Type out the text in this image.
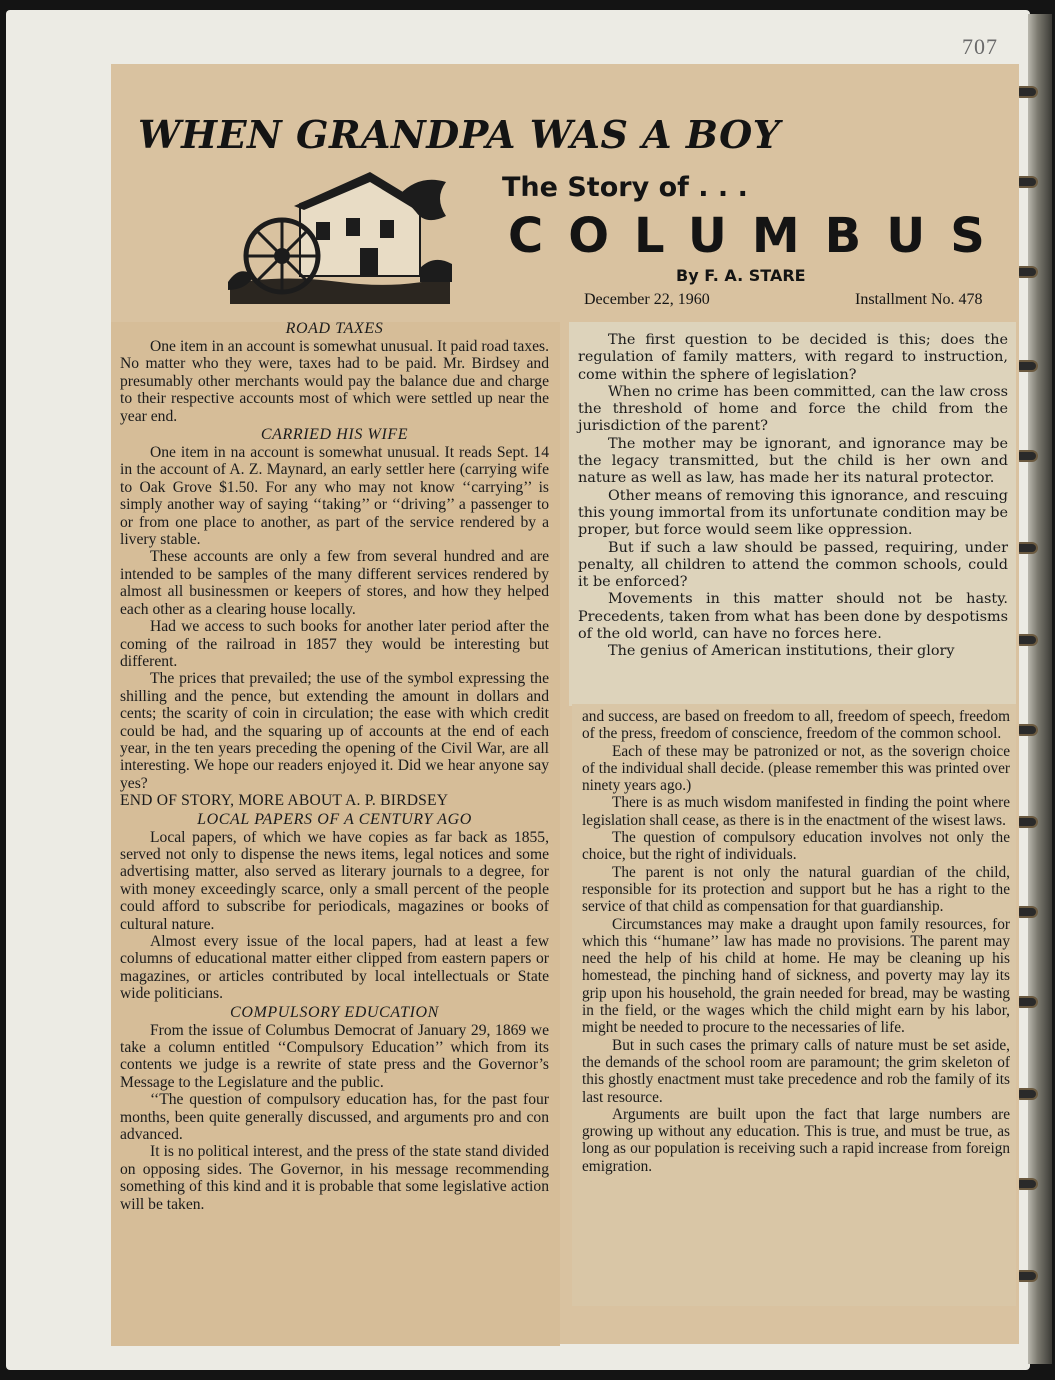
707
WHEN GRANDPA WAS A BOY
The Story of . . .
COLUMBUS
By F. A. STARE
December 22, 1960	Installment No. 478
ROAD TAXES

One item in an account is somewhat unusual. It paid road taxes. No matter who they were, taxes had to be paid. Mr. Birdsey and presumably other merchants would pay the balance due and charge to their respective accounts most of which were settled up near the year end.

CARRIED HIS WIFE

One item in na account is somewhat unusual. It reads Sept. 14 in the account of A. Z. Maynard, an early settler here (carrying wife to Oak Grove $1.50. For any who may not know ‘‘carrying’’ is simply another way of saying ‘‘taking’’ or ‘‘driving’’ a passenger to or from one place to another, as part of the service rendered by a livery stable.

These accounts are only a few from several hundred and are intended to be samples of the many different services rendered by almost all businessmen or keepers of stores, and how they helped each other as a clearing house locally.

Had we access to such books for another later period after the coming of the railroad in 1857 they would be interesting but different.

The prices that prevailed; the use of the symbol expressing the shilling and the pence, but extending the amount in dollars and cents; the scarity of coin in circulation; the ease with which credit could be had, and the squaring up of accounts at the end of each year, in the ten years preceding the opening of the Civil War, are all interesting. We hope our readers enjoyed it. Did we hear anyone say yes?

END OF STORY, MORE ABOUT A. P. BIRDSEY

LOCAL PAPERS OF A CENTURY AGO

Local papers, of which we have copies as far back as 1855, served not only to dispense the news items, legal notices and some advertising matter, also served as literary journals to a degree, for with money exceedingly scarce, only a small percent of the people could afford to subscribe for periodicals, magazines or books of cultural nature.

Almost every issue of the local papers, had at least a few columns of educational matter either clipped from eastern papers or magazines, or articles contributed by local intellectuals or State wide politicians.

COMPULSORY EDUCATION

From the issue of Columbus Democrat of January 29, 1869 we take a column entitled ‘‘Compulsory Education’’ which from its contents we judge is a rewrite of state press and the Governor’s Message to the Legislature and the public.

‘‘The question of compulsory education has, for the past four months, been quite generally discussed, and arguments pro and con advanced.

It is no political interest, and the press of the state stand divided on opposing sides. The Governor, in his message recommending something of this kind and it is probable that some legislative action will be taken.

The first question to be decided is this; does the regulation of family matters, with regard to instruction, come within the sphere of legislation?

When no crime has been committed, can the law cross the threshold of home and force the child from the jurisdiction of the parent?

The mother may be ignorant, and ignorance may be the legacy transmitted, but the child is her own and nature as well as law, has made her its natural protector.

Other means of removing this ignorance, and rescuing this young immortal from its unfortunate condition may be proper, but force would seem like oppression.

But if such a law should be passed, requiring, under penalty, all children to attend the common schools, could it be enforced?

Movements in this matter should not be hasty. Precedents, taken from what has been done by despotisms of the old world, can have no forces here.

The genius of American institutions, their glory

and success, are based on freedom to all, freedom of speech, freedom of the press, freedom of conscience, freedom of the common school.

Each of these may be patronized or not, as the soverign choice of the individual shall decide. (please remember this was printed over ninety years ago.)

There is as much wisdom manifested in finding the point where legislation shall cease, as there is in the enactment of the wisest laws.

The question of compulsory education involves not only the choice, but the right of individuals.

The parent is not only the natural guardian of the child, responsible for its protection and support but he has a right to the service of that child as compensation for that guardianship.

Circumstances may make a draught upon family resources, for which this ‘‘humane’’ law has made no provisions. The parent may need the help of his child at home. He may be cleaning up his homestead, the pinching hand of sickness, and poverty may lay its grip upon his household, the grain needed for bread, may be wasting in the field, or the wages which the child might earn by his labor, might be needed to procure to the necessaries of life.

But in such cases the primary calls of nature must be set aside, the demands of the school room are paramount; the grim skeleton of this ghostly enactment must take precedence and rob the family of its last resource.

Arguments are built upon the fact that large numbers are growing up without any education. This is true, and must be true, as long as our population is receiving such a rapid increase from foreign emigration.
